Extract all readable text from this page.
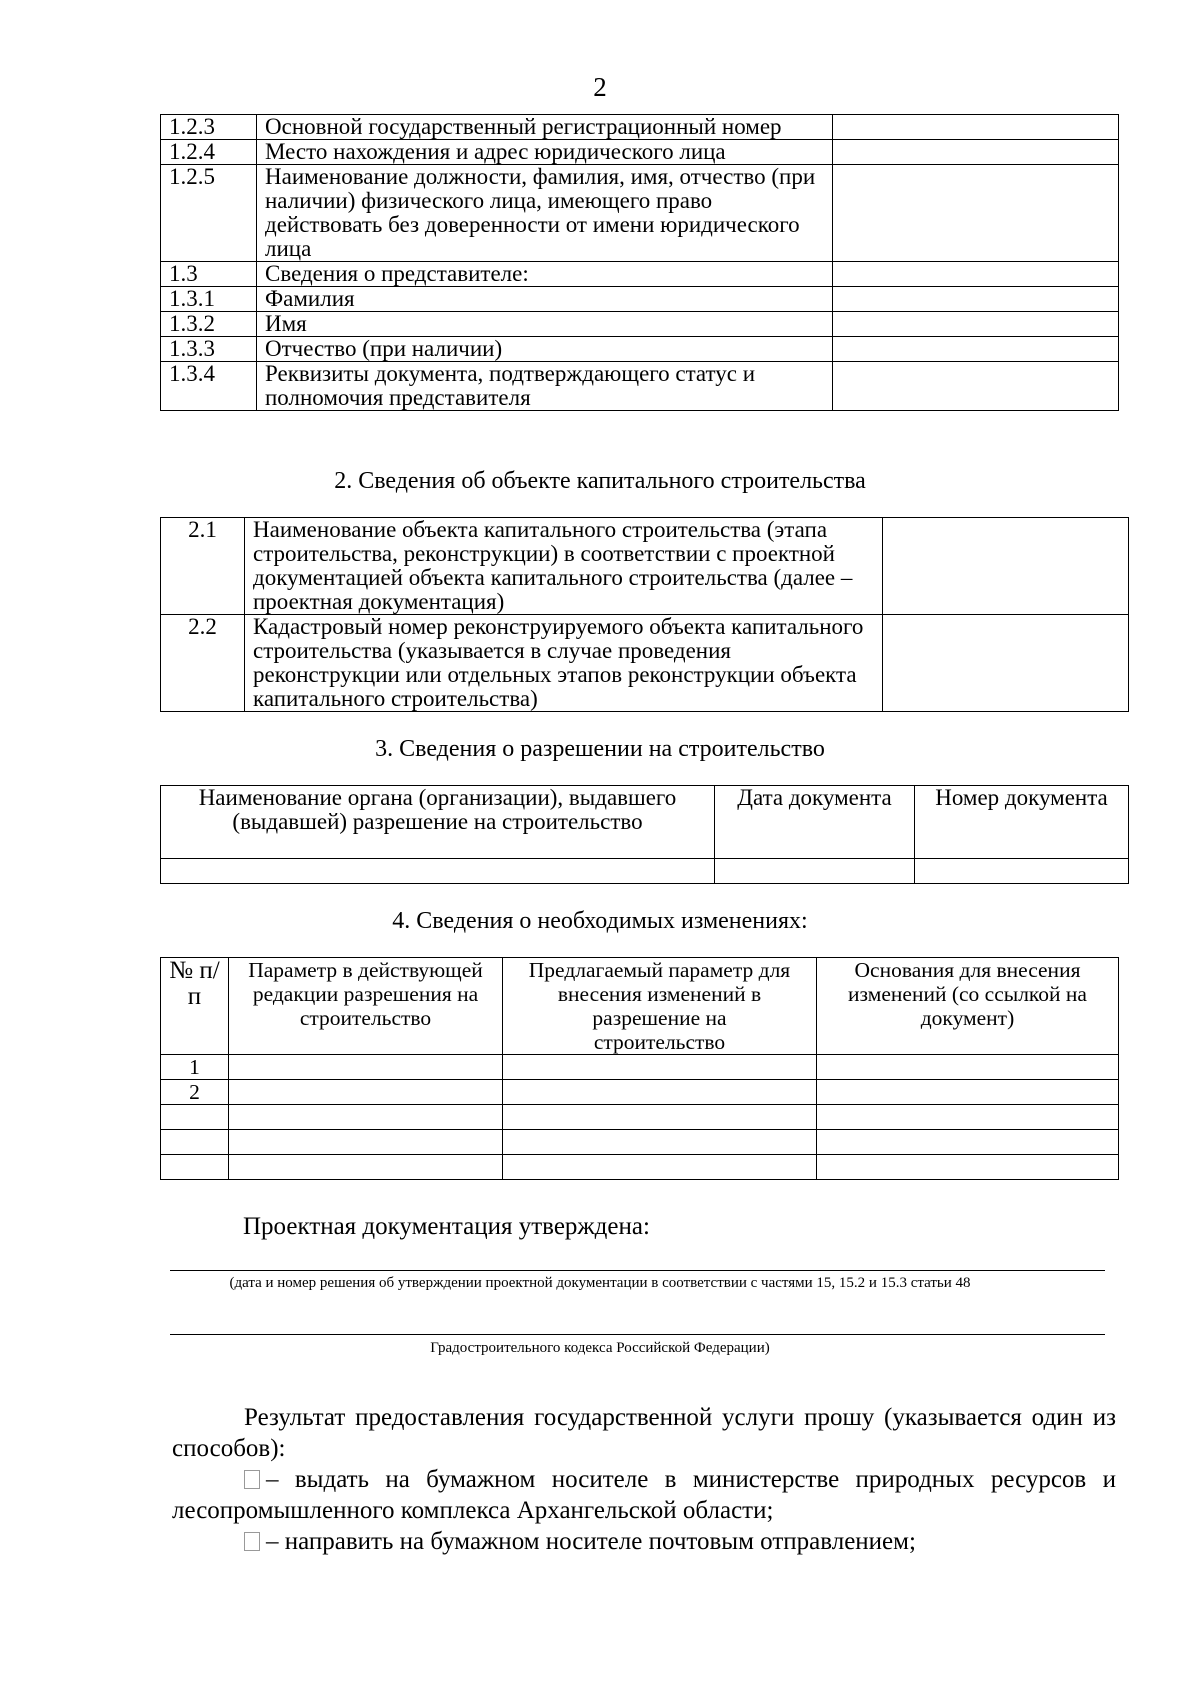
2
1.2.3	Основной государственный регистрационный номер	
1.2.4	Место нахождения и адрес юридического лица	
1.2.5	Наименование должности, фамилия, имя, отчество (при наличии) физического лица, имеющего право действовать без доверенности от имени юридического лица	
1.3	Сведения о представителе:	
1.3.1	Фамилия	
1.3.2	Имя	
1.3.3	Отчество (при наличии)	
1.3.4	Реквизиты документа, подтверждающего статус и полномочия представителя	
2. Сведения об объекте капитального строительства
2.1	Наименование объекта капитального строительства (этапа строительства, реконструкции) в соответствии с проектной документацией объекта капитального строительства (далее – проектная документация)	
2.2	Кадастровый номер реконструируемого объекта капитального строительства (указывается в случае проведения реконструкции или отдельных этапов реконструкции объекта капитального строительства)	
3. Сведения о разрешении на строительство
Наименование органа (организации), выдавшего (выдавшей) разрешение на строительство	Дата документа	Номер документа

4. Сведения о необходимых изменениях:
№ п/п	Параметр в действующей редакции разрешения на строительство	Предлагаемый параметр для внесения изменений в разрешение на строительство	Основания для внесения изменений (со ссылкой на документ)
1			
2			

Проектная документация утверждена:
(дата и номер решения об утверждении проектной документации в соответствии с частями 15, 15.2 и 15.3 статьи 48
Градостроительного кодекса Российской Федерации)
Результат предоставления государственной услуги прошу (указывается один из способов):
– выдать на бумажном носителе в министерстве природных ресурсов и лесопромышленного комплекса Архангельской области;
– направить на бумажном носителе почтовым отправлением;
